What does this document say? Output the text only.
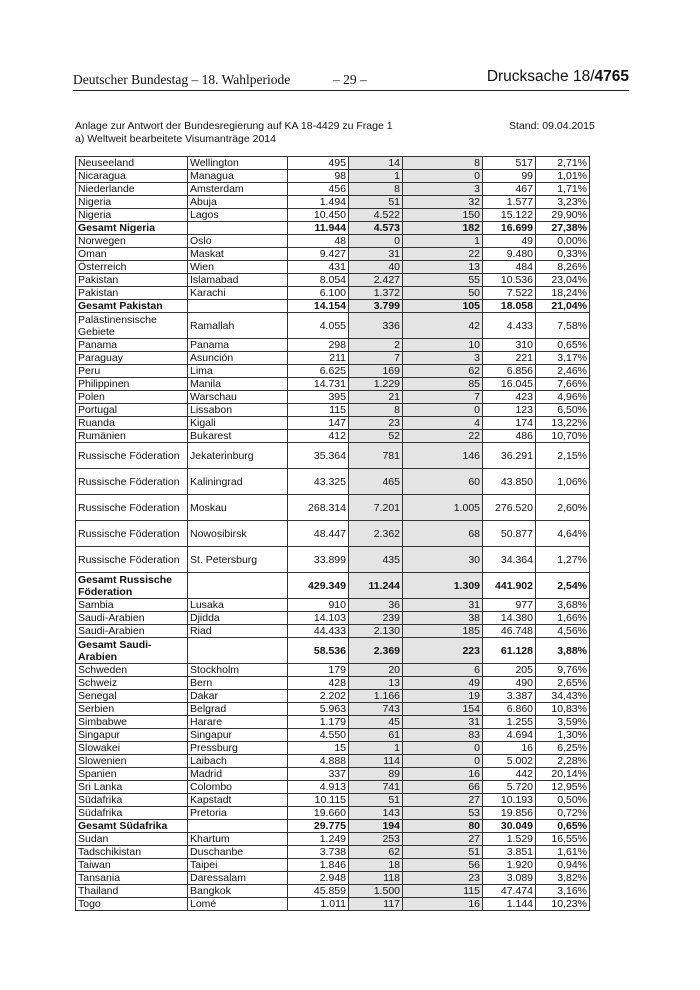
Deutscher Bundestag – 18. Wahlperiode	– 29 –	Drucksache 18/4765
Anlage zur Antwort der Bundesregierung auf KA 18-4429 zu Frage 1
a) Weltweit bearbeitete Visumanträge 2014
Stand: 09.04.2015
Neuseeland	Wellington	495	14	8	517	2,71%
Nicaragua	Managua	98	1	0	99	1,01%
Niederlande	Amsterdam	456	8	3	467	1,71%
Nigeria	Abuja	1.494	51	32	1.577	3,23%
Nigeria	Lagos	10.450	4.522	150	15.122	29,90%
Gesamt Nigeria		11.944	4.573	182	16.699	27,38%
Norwegen	Oslo	48	0	1	49	0,00%
Oman	Maskat	9.427	31	22	9.480	0,33%
Österreich	Wien	431	40	13	484	8,26%
Pakistan	Islamabad	8.054	2.427	55	10.536	23,04%
Pakistan	Karachi	6.100	1.372	50	7.522	18,24%
Gesamt Pakistan		14.154	3.799	105	18.058	21,04%
Palästinensische Gebiete	Ramallah	4.055	336	42	4.433	7,58%
Panama	Panama	298	2	10	310	0,65%
Paraguay	Asunción	211	7	3	221	3,17%
Peru	Lima	6.625	169	62	6.856	2,46%
Philippinen	Manila	14.731	1.229	85	16.045	7,66%
Polen	Warschau	395	21	7	423	4,96%
Portugal	Lissabon	115	8	0	123	6,50%
Ruanda	Kigali	147	23	4	174	13,22%
Rumänien	Bukarest	412	52	22	486	10,70%
Russische Föderation	Jekaterinburg	35.364	781	146	36.291	2,15%
Russische Föderation	Kaliningrad	43.325	465	60	43.850	1,06%
Russische Föderation	Moskau	268.314	7.201	1.005	276.520	2,60%
Russische Föderation	Nowosibirsk	48.447	2.362	68	50.877	4,64%
Russische Föderation	St. Petersburg	33.899	435	30	34.364	1,27%
Gesamt Russische Föderation		429.349	11.244	1.309	441.902	2,54%
Sambia	Lusaka	910	36	31	977	3,68%
Saudi-Arabien	Djidda	14.103	239	38	14.380	1,66%
Saudi-Arabien	Riad	44.433	2.130	185	46.748	4,56%
Gesamt Saudi-Arabien		58.536	2.369	223	61.128	3,88%
Schweden	Stockholm	179	20	6	205	9,76%
Schweiz	Bern	428	13	49	490	2,65%
Senegal	Dakar	2.202	1.166	19	3.387	34,43%
Serbien	Belgrad	5.963	743	154	6.860	10,83%
Simbabwe	Harare	1.179	45	31	1.255	3,59%
Singapur	Singapur	4.550	61	83	4.694	1,30%
Slowakei	Pressburg	15	1	0	16	6,25%
Slowenien	Laibach	4.888	114	0	5.002	2,28%
Spanien	Madrid	337	89	16	442	20,14%
Sri Lanka	Colombo	4.913	741	66	5.720	12,95%
Südafrika	Kapstadt	10.115	51	27	10.193	0,50%
Südafrika	Pretoria	19.660	143	53	19.856	0,72%
Gesamt Südafrika		29.775	194	80	30.049	0,65%
Sudan	Khartum	1.249	253	27	1.529	16,55%
Tadschikistan	Duschanbe	3.738	62	51	3.851	1,61%
Taiwan	Taipei	1.846	18	56	1.920	0,94%
Tansania	Daressalam	2.948	118	23	3.089	3,82%
Thailand	Bangkok	45.859	1.500	115	47.474	3,16%
Togo	Lomé	1.011	117	16	1.144	10,23%
